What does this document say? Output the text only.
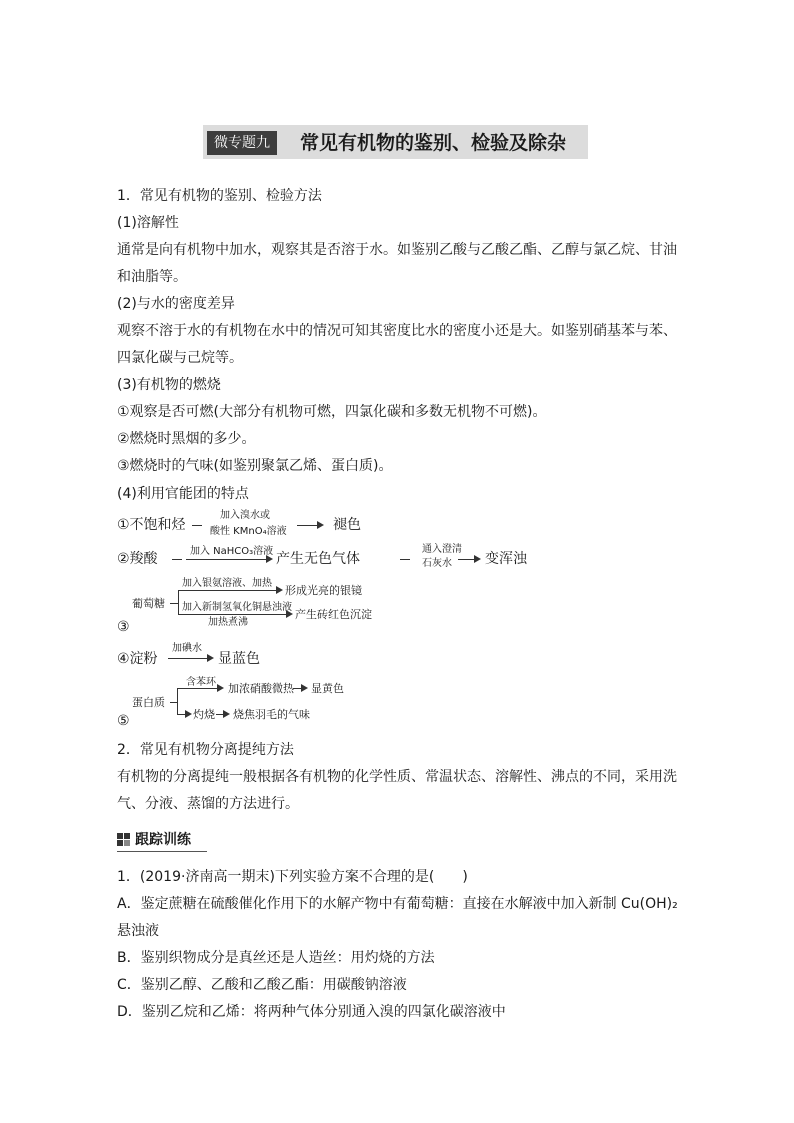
微专题九	常见有机物的鉴别、检验及除杂
1．常见有机物的鉴别、检验方法
(1)溶解性
通常是向有机物中加水，观察其是否溶于水。如鉴别乙酸与乙酸乙酯、乙醇与氯乙烷、甘油
和油脂等。
(2)与水的密度差异
观察不溶于水的有机物在水中的情况可知其密度比水的密度小还是大。如鉴别硝基苯与苯、
四氯化碳与己烷等。
(3)有机物的燃烧
①观察是否可燃(大部分有机物可燃，四氯化碳和多数无机物不可燃)。
②燃烧时黑烟的多少。
③燃烧时的气味(如鉴别聚氯乙烯、蛋白质)。
(4)利用官能团的特点
①不饱和烃
加入溴水或
酸性 KMnO₄溶液	褪色
②羧酸	加入 NaHCO₃溶液 产生无色气体
通入澄清
石灰水 变浑浊
葡萄糖
加入银氨溶液、加热
形成光亮的银镜
加入新制氢氧化铜悬浊液
加热煮沸
产生砖红色沉淀
③
④淀粉
加碘水
显蓝色
蛋白质
含苯环 加浓硝酸微热 显黄色
灼烧 烧焦羽毛的气味
⑤
2．常见有机物分离提纯方法
有机物的分离提纯一般根据各有机物的化学性质、常温状态、溶解性、沸点的不同，采用洗
气、分液、蒸馏的方法进行。
跟踪训练
1．(2019·济南高一期末)下列实验方案不合理的是(　　)
A．鉴定蔗糖在硫酸催化作用下的水解产物中有葡萄糖：直接在水解液中加入新制 Cu(OH)₂
悬浊液
B．鉴别织物成分是真丝还是人造丝：用灼烧的方法
C．鉴别乙醇、乙酸和乙酸乙酯：用碳酸钠溶液
D．鉴别乙烷和乙烯：将两种气体分别通入溴的四氯化碳溶液中
